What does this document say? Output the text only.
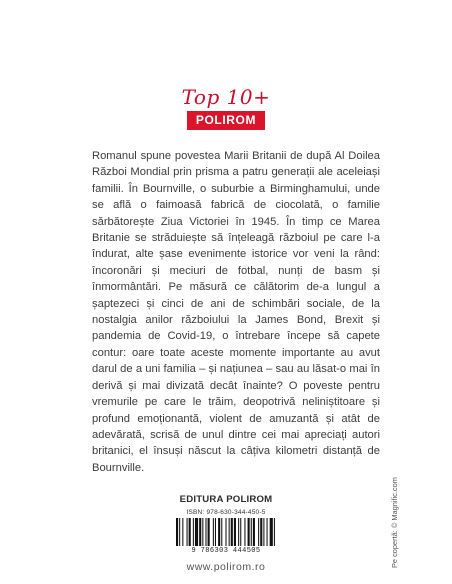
Top 10+
POLIROM

Romanul spune povestea Marii Britanii de după Al Doilea Război Mondial prin prisma a patru generații ale aceleiași familii. În Bournville, o suburbie a Birminghamului, unde se află o faimoasă fabrică de ciocolată, o familie sărbătorește Ziua Victoriei în 1945. În timp ce Marea Britanie se străduiește să înțeleagă războiul pe care l-a îndurat, alte șase evenimente istorice vor veni la rând: încoronări și meciuri de fotbal, nunți de basm și înmormântări. Pe măsură ce călătorim de-a lungul a șaptezeci și cinci de ani de schimbări sociale, de la nostalgia anilor războiului la James Bond, Brexit și pandemia de Covid-19, o întrebare începe să capete contur: oare toate aceste momente importante au avut darul de a uni familia – și națiunea – sau au lăsat-o mai în derivă și mai divizată decât înainte? O poveste pentru vremurile pe care le trăim, deopotrivă neliniștitoare și profund emoționantă, violent de amuzantă și atât de adevărată, scrisă de unul dintre cei mai apreciați autori britanici, el însuși născut la câțiva kilometri distanță de Bournville.

EDITURA POLIROM
ISBN: 978-630-344-450-5
9 786303 444505
www.polirom.ro	Pe copertă: © Magnific.com
